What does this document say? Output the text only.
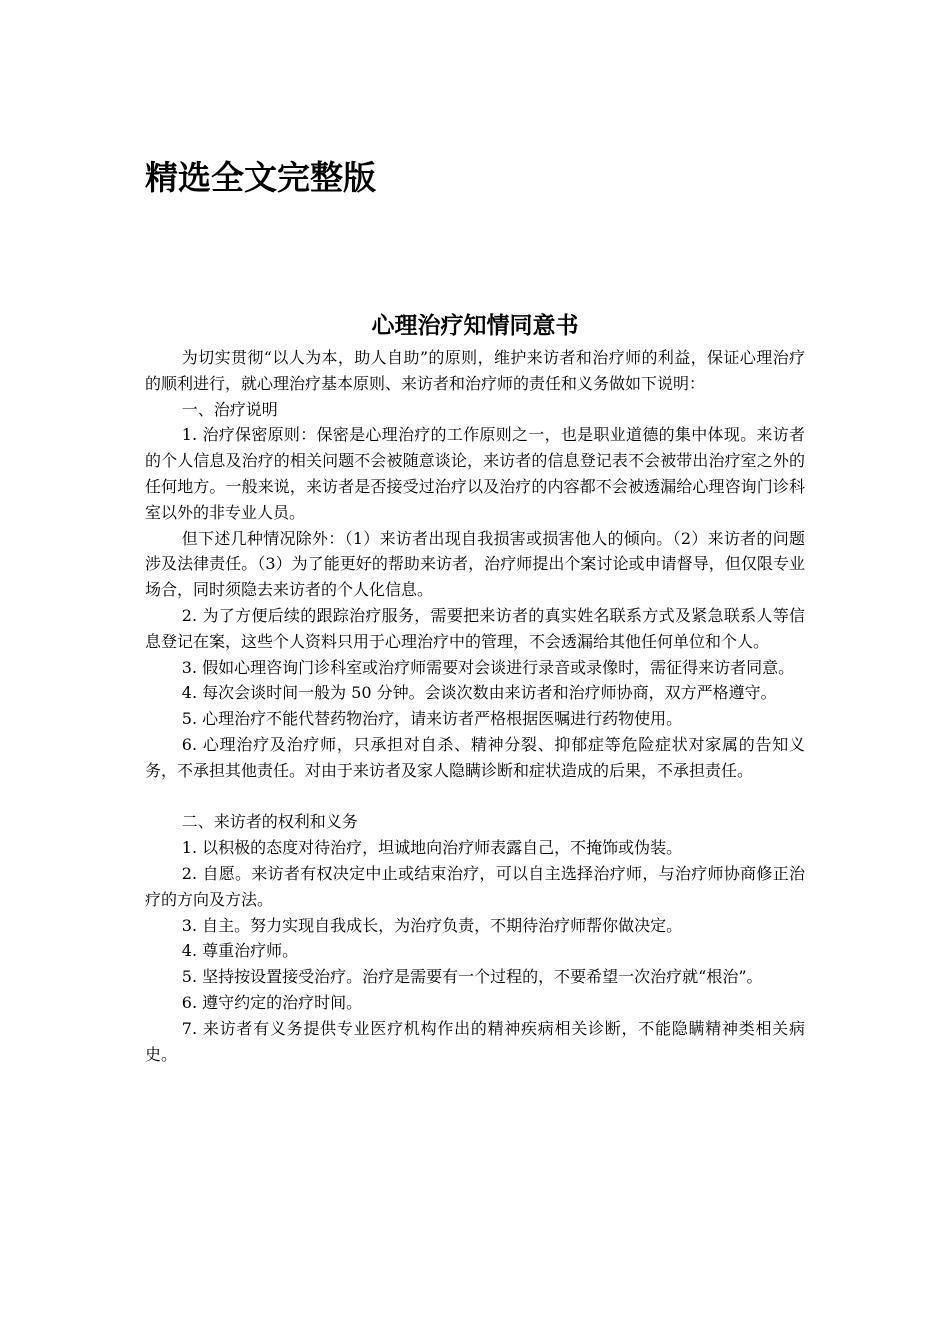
精选全文完整版
心理治疗知情同意书

为切实贯彻“以人为本，助人自助”的原则，维护来访者和治疗师的利益，保证心理治疗的顺利进行，就心理治疗基本原则、来访者和治疗师的责任和义务做如下说明：

一、治疗说明

1. 治疗保密原则：保密是心理治疗的工作原则之一，也是职业道德的集中体现。来访者的个人信息及治疗的相关问题不会被随意谈论，来访者的信息登记表不会被带出治疗室之外的任何地方。一般来说，来访者是否接受过治疗以及治疗的内容都不会被透漏给心理咨询门诊科室以外的非专业人员。

但下述几种情况除外：（1）来访者出现自我损害或损害他人的倾向。（2）来访者的问题涉及法律责任。（3）为了能更好的帮助来访者，治疗师提出个案讨论或申请督导，但仅限专业场合，同时须隐去来访者的个人化信息。

2. 为了方便后续的跟踪治疗服务，需要把来访者的真实姓名联系方式及紧急联系人等信息登记在案，这些个人资料只用于心理治疗中的管理，不会透漏给其他任何单位和个人。

3. 假如心理咨询门诊科室或治疗师需要对会谈进行录音或录像时，需征得来访者同意。

4. 每次会谈时间一般为 50 分钟。会谈次数由来访者和治疗师协商，双方严格遵守。

5. 心理治疗不能代替药物治疗，请来访者严格根据医嘱进行药物使用。

6. 心理治疗及治疗师，只承担对自杀、精神分裂、抑郁症等危险症状对家属的告知义务，不承担其他责任。对由于来访者及家人隐瞒诊断和症状造成的后果，不承担责任。

二、来访者的权利和义务

1. 以积极的态度对待治疗，坦诚地向治疗师表露自己，不掩饰或伪装。

2. 自愿。来访者有权决定中止或结束治疗，可以自主选择治疗师，与治疗师协商修正治疗的方向及方法。

3. 自主。努力实现自我成长，为治疗负责，不期待治疗师帮你做决定。

4. 尊重治疗师。

5. 坚持按设置接受治疗。治疗是需要有一个过程的，不要希望一次治疗就“根治”。

6. 遵守约定的治疗时间。

7. 来访者有义务提供专业医疗机构作出的精神疾病相关诊断，不能隐瞒精神类相关病史。
